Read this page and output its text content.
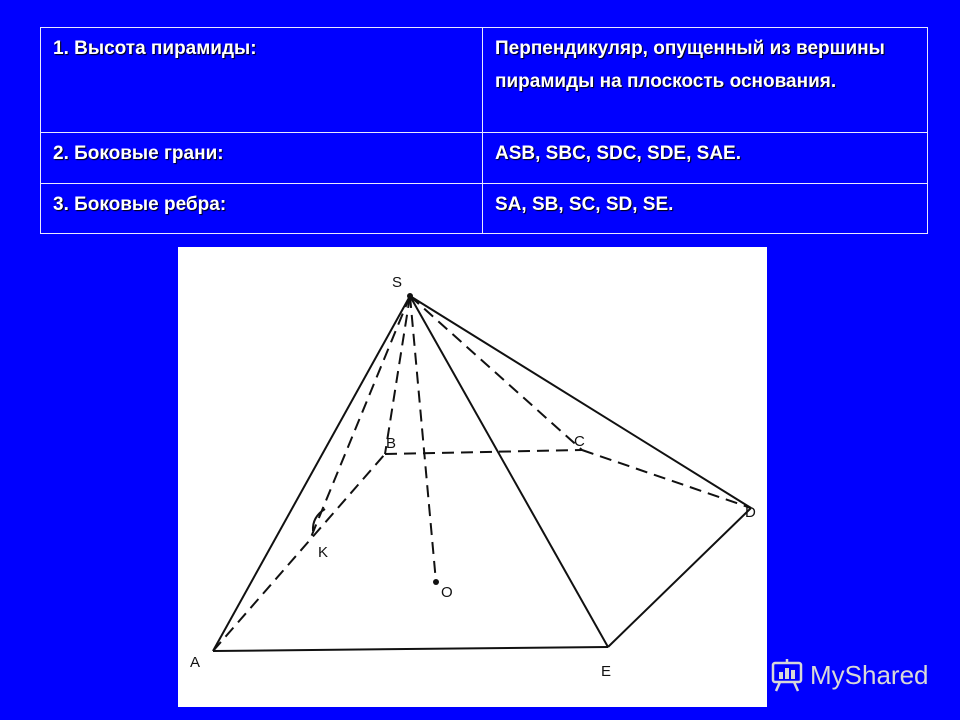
1. Высота пирамиды:	Перпендикуляр, опущенный из вершины пирамиды на плоскость основания.
2. Боковые грани:	ASB, SBC, SDC, SDE, SAE.
3. Боковые ребра:	SA, SB, SC, SD, SE.
S
A
B	C
D
E
K
O
MyShared
